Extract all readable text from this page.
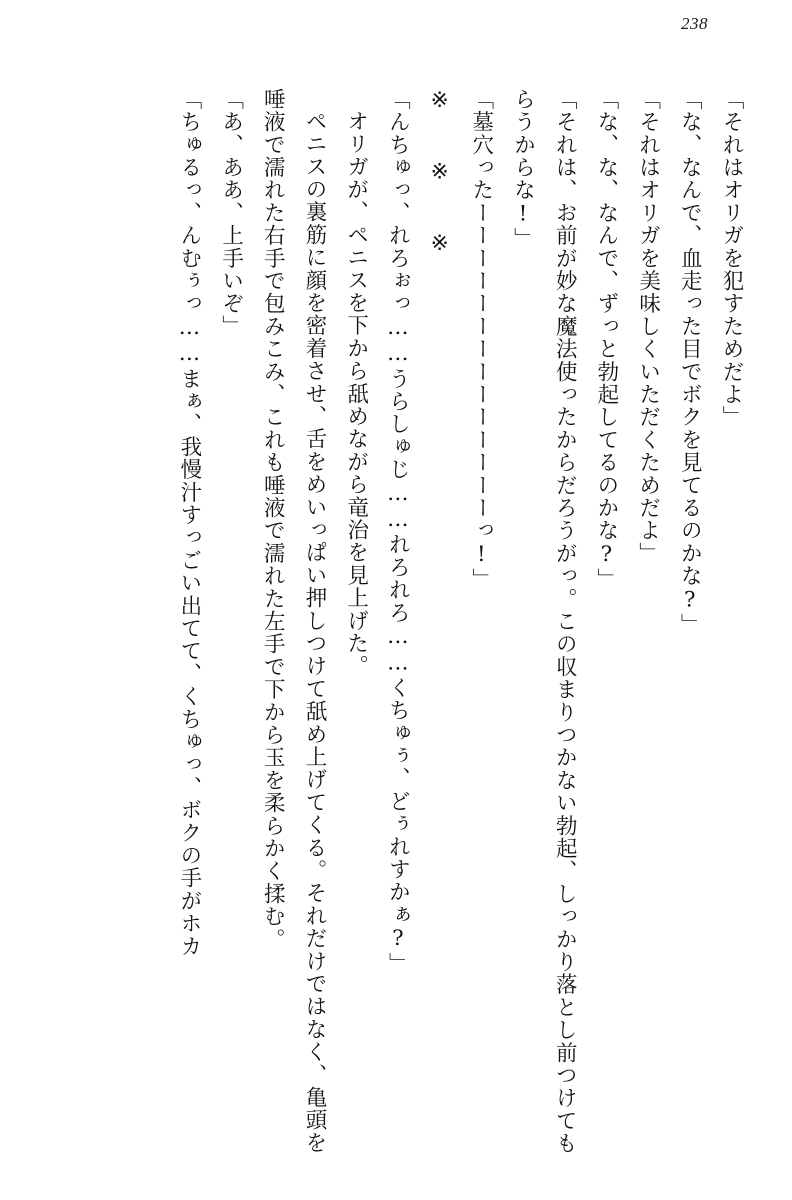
238

「それはオリガを犯すためだよ」

「な、なんで、血走った目でボクを見てるのかな?」

「それはオリガを美味しくいただくためだよ」

「な、な、なんで、ずっと勃起してるのかな?」

「それは、お前が妙な魔法使ったからだろうがっ。この収まりつかない勃起、しっかり落とし前つけてもらうからな!」

「墓穴ったーーーーーーーーーーーーーーっ!」

※　　※　　※

「んちゅっ、れろぉっ……うらしゅじ……れろれろ……くちゅぅ、どぅれすかぁ?」

オリガが、ペニスを下から舐めながら竜治を見上げた。

ペニスの裏筋に顔を密着させ、舌をめいっぱい押しつけて舐め上げてくる。それだけではなく、亀頭を唾液で濡れた右手で包みこみ、これも唾液で濡れた左手で下から玉を柔らかく揉む。

「あ、ああ、上手いぞ」

「ちゅるっ、んむぅっ……まぁ、我慢汁すっごい出てて、くちゅっ、ボクの手がホカ
